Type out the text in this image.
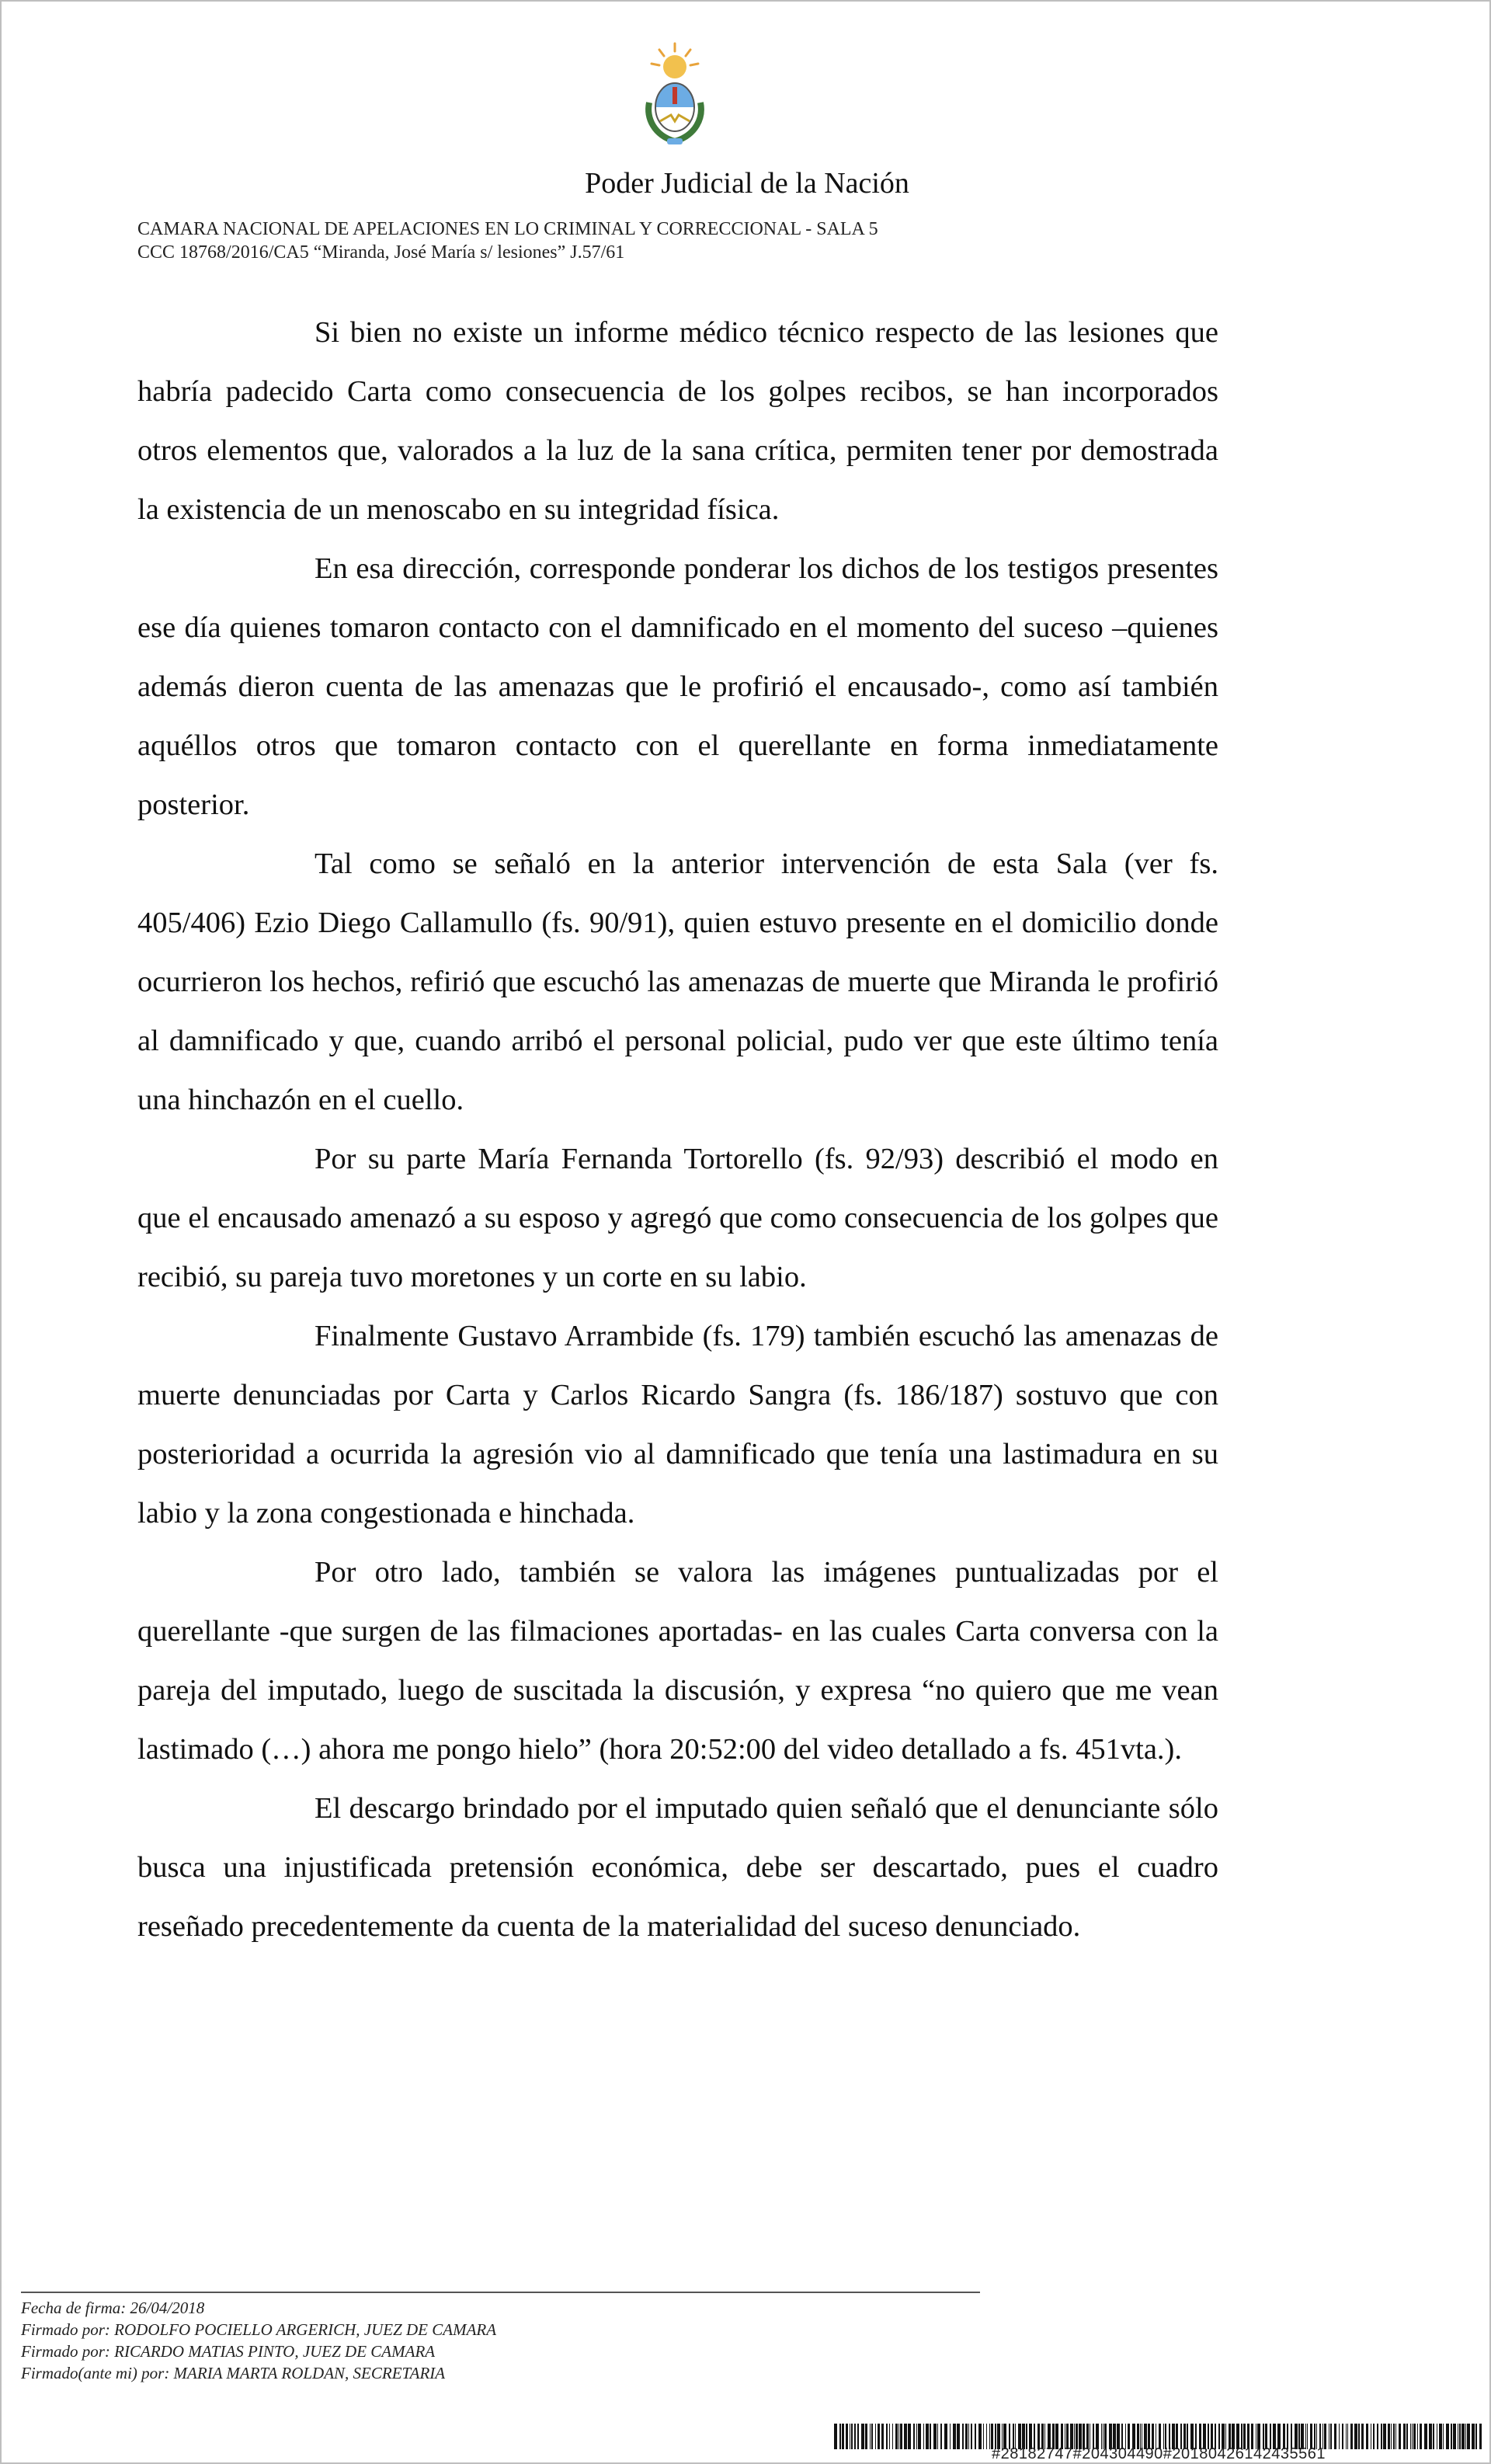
Poder Judicial de la Nación
CAMARA NACIONAL DE APELACIONES EN LO CRIMINAL Y CORRECCIONAL - SALA 5
CCC 18768/2016/CA5 “Miranda, José María s/ lesiones” J.57/61

Si bien no existe un informe médico técnico respecto de las lesiones que habría padecido Carta como consecuencia de los golpes recibos, se han incorporados otros elementos que, valorados a la luz de la sana crítica, permiten tener por demostrada la existencia de un menoscabo en su integridad física.

En esa dirección, corresponde ponderar los dichos de los testigos presentes ese día quienes tomaron contacto con el damnificado en el momento del suceso –quienes además dieron cuenta de las amenazas que le profirió el encausado-, como así también aquéllos otros que tomaron contacto con el querellante en forma inmediatamente posterior.

Tal como se señaló en la anterior intervención de esta Sala (ver fs. 405/406) Ezio Diego Callamullo (fs. 90/91), quien estuvo presente en el domicilio donde ocurrieron los hechos, refirió que escuchó las amenazas de muerte que Miranda le profirió al damnificado y que, cuando arribó el personal policial, pudo ver que este último tenía una hinchazón en el cuello.

Por su parte María Fernanda Tortorello (fs. 92/93) describió el modo en que el encausado amenazó a su esposo y agregó que como consecuencia de los golpes que recibió, su pareja tuvo moretones y un corte en su labio.

Finalmente Gustavo Arrambide (fs. 179) también escuchó las amenazas de muerte denunciadas por Carta y Carlos Ricardo Sangra (fs. 186/187) sostuvo que con posterioridad a ocurrida la agresión vio al damnificado que tenía una lastimadura en su labio y la zona congestionada e hinchada.

Por otro lado, también se valora las imágenes puntualizadas por el querellante -que surgen de las filmaciones aportadas- en las cuales Carta conversa con la pareja del imputado, luego de suscitada la discusión, y expresa “no quiero que me vean lastimado (…) ahora me pongo hielo” (hora 20:52:00 del video detallado a fs. 451vta.).

El descargo brindado por el imputado quien señaló que el denunciante sólo busca una injustificada pretensión económica, debe ser descartado, pues el cuadro reseñado precedentemente da cuenta de la materialidad del suceso denunciado.

Fecha de firma: 26/04/2018
Firmado por: RODOLFO POCIELLO ARGERICH, JUEZ DE CAMARA
Firmado por: RICARDO MATIAS PINTO, JUEZ DE CAMARA
Firmado(ante mi) por: MARIA MARTA ROLDAN, SECRETARIA
#28182747#204304490#20180426142435561
